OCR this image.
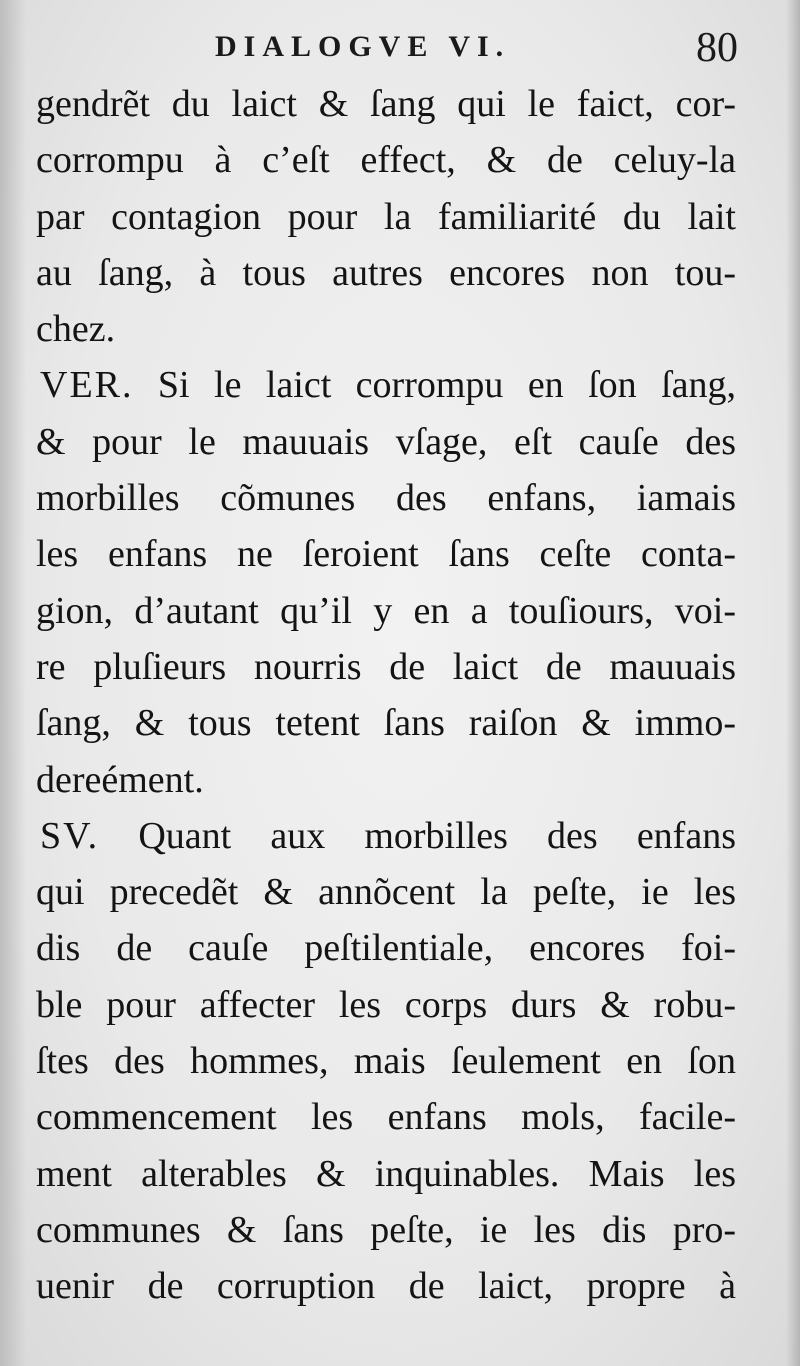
DIALOGVE VI.	80
gendrẽt du laict & ſang qui le faict, cor-
corrompu à c’eſt effect, & de celuy-la
par contagion pour la familiarité du lait
au ſang, à tous autres encores non tou-
chez.
VER. Si le laict corrompu en ſon ſang,
& pour le mauuais vſage, eſt cauſe des
morbilles cõmunes des enfans, iamais
les enfans ne ſeroient ſans ceſte conta-
gion, d’autant qu’il y en a touſiours, voi-
re pluſieurs nourris de laict de mauuais
ſang, & tous tetent ſans raiſon & immo-
dereément.
SV. Quant aux morbilles des enfans
qui precedẽt & annõcent la peſte, ie les
dis de cauſe peſtilentiale, encores foi-
ble pour affecter les corps durs & robu-
ſtes des hommes, mais ſeulement en ſon
commencement les enfans mols, facile-
ment alterables & inquinables. Mais les
communes & ſans peſte, ie les dis pro-
uenir de corruption de laict, propre à
